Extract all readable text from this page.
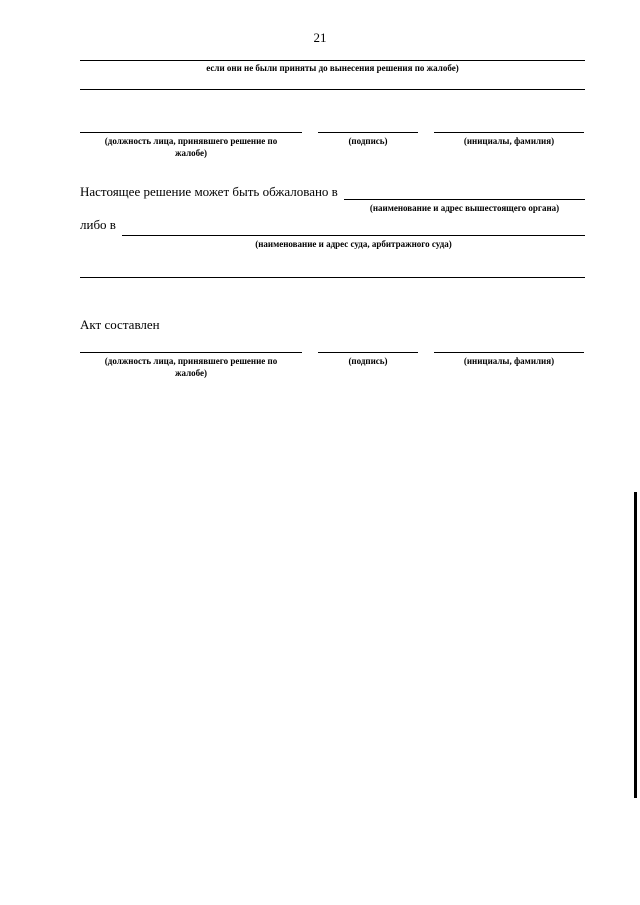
21
если они не были приняты до вынесения решения по жалобе)
(должность лица, принявшего решение по
жалобе)
(подпись)	(инициалы, фамилия)
Настоящее решение может быть обжаловано в
(наименование и адрес вышестоящего органа)
либо в
(наименование и адрес суда, арбитражного суда)
Акт составлен
(должность лица, принявшего решение по
жалобе)
(подпись)	(инициалы, фамилия)
